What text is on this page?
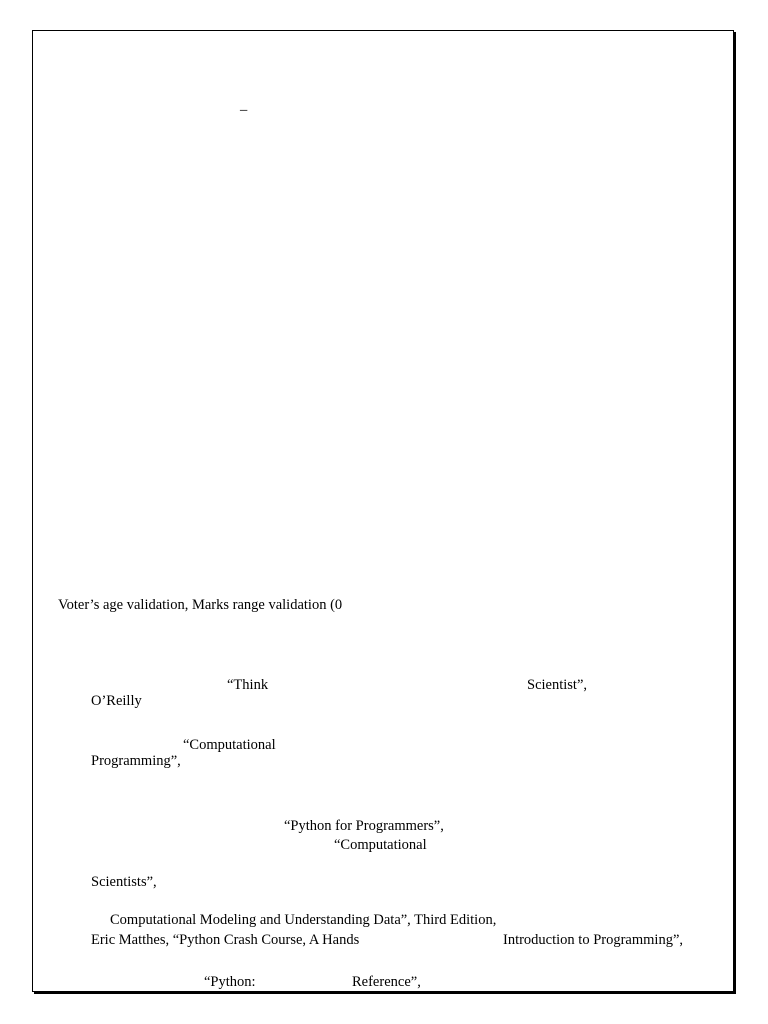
–
Voter’s age validation, Marks range validation (0
“Think	Scientist”,
O’Reilly
“Computational
Programming”,
“Python for Programmers”,
“Computational
Scientists”,
Computational Modeling and Understanding Data”, Third Edition,
Eric Matthes, “Python Crash Course, A Hands	Introduction to Programming”,
“Python:	Reference”,
